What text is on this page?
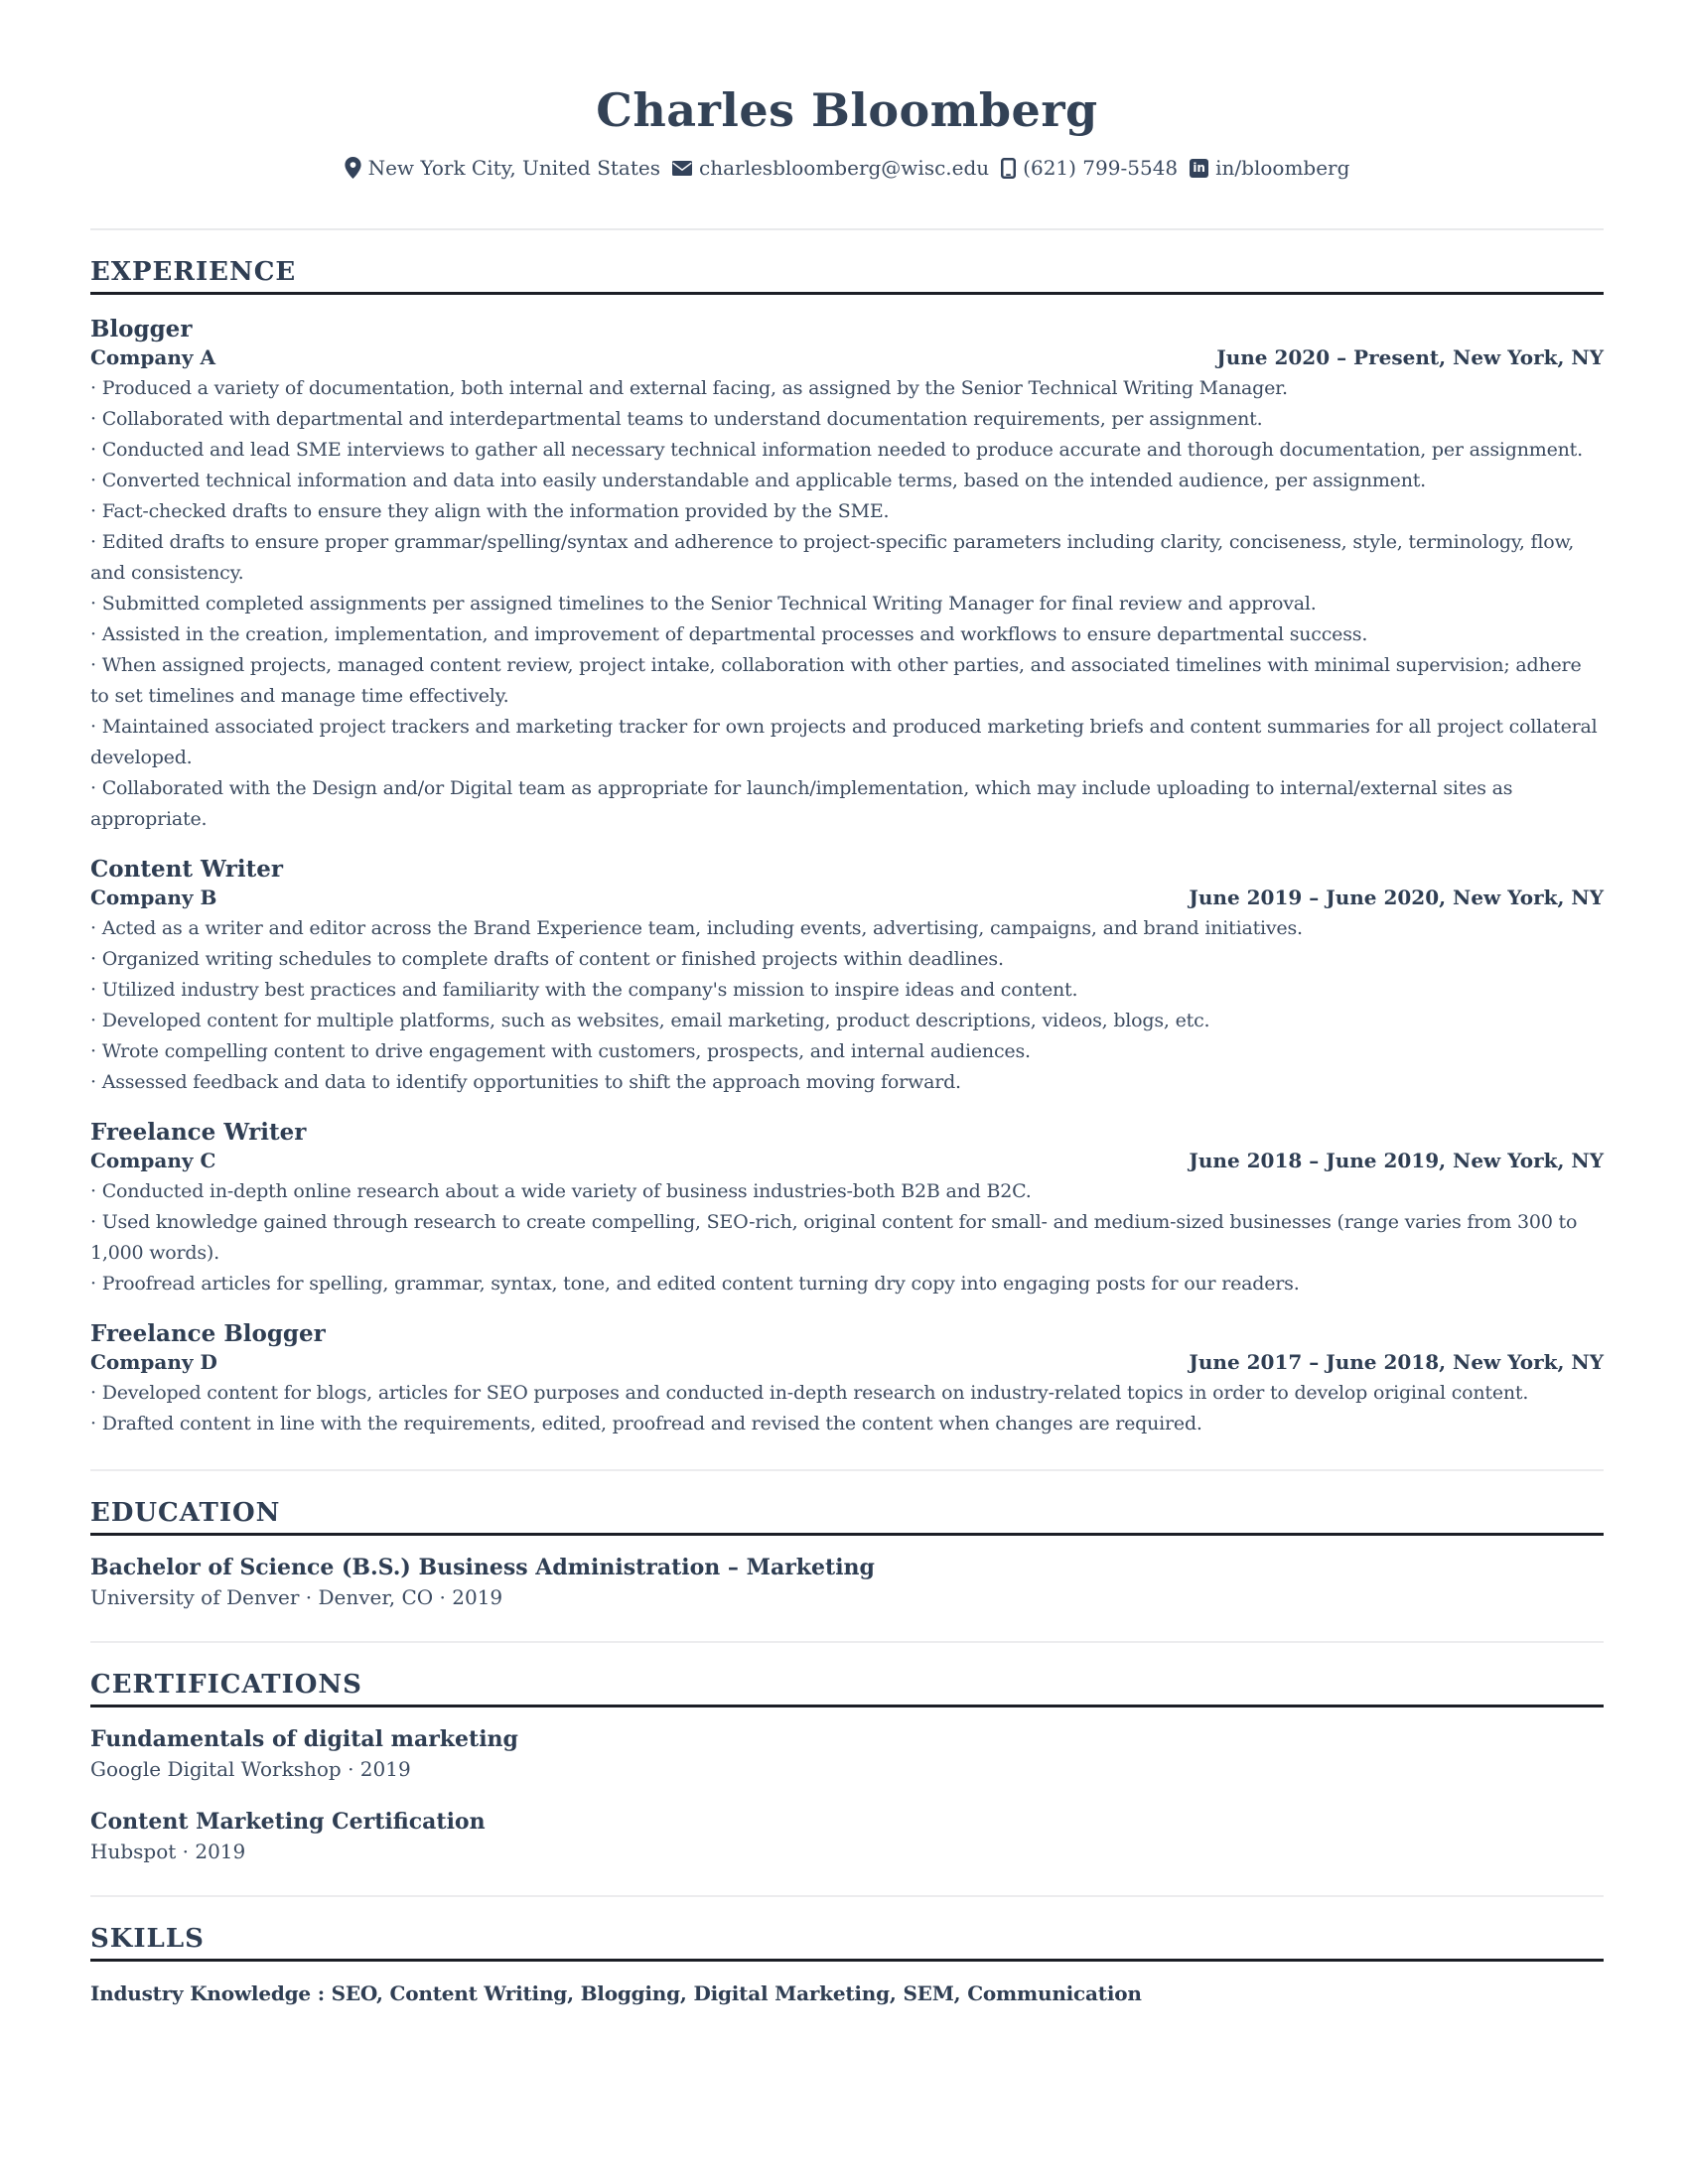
Charles Bloomberg
New York City, United States charlesbloomberg@wisc.edu (621) 799-5548 in in/bloomberg
EXPERIENCE
Blogger
Company A	June 2020 – Present, New York, NY
· Produced a variety of documentation, both internal and external facing, as assigned by the Senior Technical Writing Manager.
· Collaborated with departmental and interdepartmental teams to understand documentation requirements, per assignment.
· Conducted and lead SME interviews to gather all necessary technical information needed to produce accurate and thorough documentation, per assignment.
· Converted technical information and data into easily understandable and applicable terms, based on the intended audience, per assignment.
· Fact-checked drafts to ensure they align with the information provided by the SME.
· Edited drafts to ensure proper grammar/spelling/syntax and adherence to project-specific parameters including clarity, conciseness, style, terminology, flow, and consistency.
· Submitted completed assignments per assigned timelines to the Senior Technical Writing Manager for final review and approval.
· Assisted in the creation, implementation, and improvement of departmental processes and workflows to ensure departmental success.
· When assigned projects, managed content review, project intake, collaboration with other parties, and associated timelines with minimal supervision; adhere to set timelines and manage time effectively.
· Maintained associated project trackers and marketing tracker for own projects and produced marketing briefs and content summaries for all project collateral developed.
· Collaborated with the Design and/or Digital team as appropriate for launch/implementation, which may include uploading to internal/external sites as appropriate.
Content Writer
Company B	June 2019 – June 2020, New York, NY
· Acted as a writer and editor across the Brand Experience team, including events, advertising, campaigns, and brand initiatives.
· Organized writing schedules to complete drafts of content or finished projects within deadlines.
· Utilized industry best practices and familiarity with the company's mission to inspire ideas and content.
· Developed content for multiple platforms, such as websites, email marketing, product descriptions, videos, blogs, etc.
· Wrote compelling content to drive engagement with customers, prospects, and internal audiences.
· Assessed feedback and data to identify opportunities to shift the approach moving forward.
Freelance Writer
Company C	June 2018 – June 2019, New York, NY
· Conducted in-depth online research about a wide variety of business industries-both B2B and B2C.
· Used knowledge gained through research to create compelling, SEO-rich, original content for small- and medium-sized businesses (range varies from 300 to 1,000 words).
· Proofread articles for spelling, grammar, syntax, tone, and edited content turning dry copy into engaging posts for our readers.
Freelance Blogger
Company D	June 2017 – June 2018, New York, NY
· Developed content for blogs, articles for SEO purposes and conducted in-depth research on industry-related topics in order to develop original content.
· Drafted content in line with the requirements, edited, proofread and revised the content when changes are required.
EDUCATION
Bachelor of Science (B.S.) Business Administration – Marketing
University of Denver · Denver, CO · 2019
CERTIFICATIONS
Fundamentals of digital marketing
Google Digital Workshop · 2019
Content Marketing Certification
Hubspot · 2019
SKILLS
Industry Knowledge : SEO, Content Writing, Blogging, Digital Marketing, SEM, Communication
